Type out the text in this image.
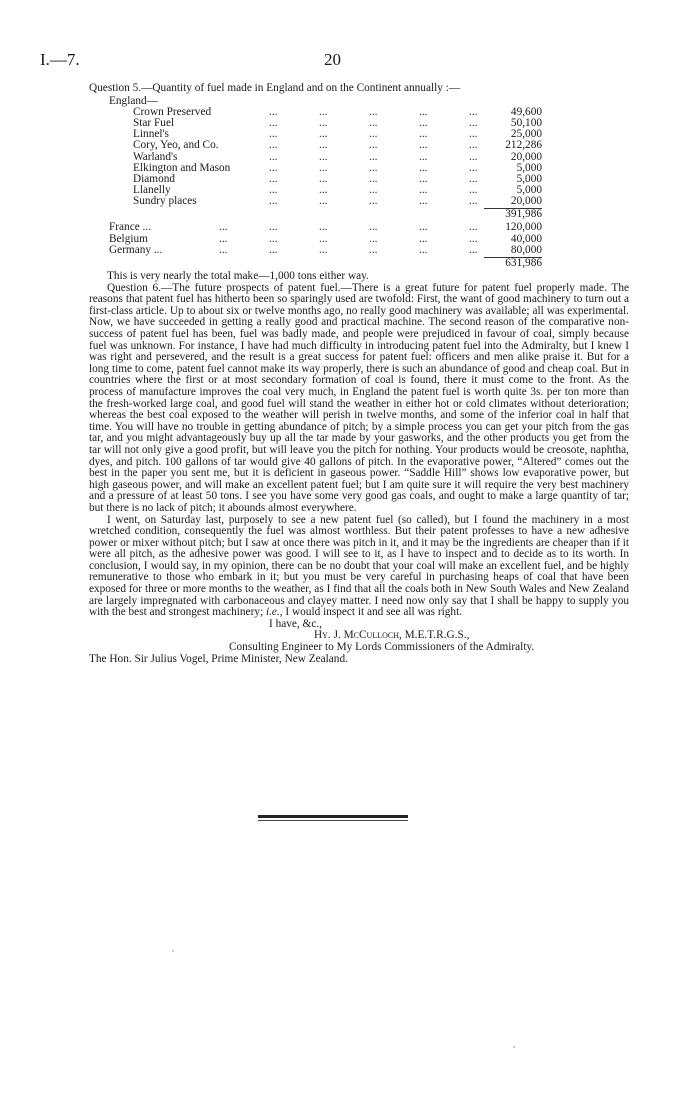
I.—7.	20

Question 5.—Quantity of fuel made in England and on the Continent annually :—

England—
Crown Preserved	...	...	...	...	...	49,600
Star Fuel	...	...	...	...	...	50,100
Linnel's	...	...	...	...	...	25,000
Cory, Yeo, and Co.	...	...	...	...	... 212,286
Warland's	...	...	...	...	...	20,000
Elkington and Mason	...	...	...	...	...	5,000
Diamond	...	...	...	...	...	5,000
Llanelly	...	...	...	...	...	5,000
Sundry places	...	...	...	...	...	20,000
391,986
France ...	...	...	...	...	...	... 120,000
Belgium	...	...	...	...	...	...	40,000
Germany ...	...	...	...	...	...	...	80,000
631,986

This is very nearly the total make—1,000 tons either way.

Question 6.—The future prospects of patent fuel.—There is a great future for patent fuel properly made. The reasons that patent fuel has hitherto been so sparingly used are twofold: First, the want of good machinery to turn out a first-class article. Up to about six or twelve months ago, no really good machinery was available; all was experimental. Now, we have succeeded in getting a really good and practical machine. The second reason of the comparative non-success of patent fuel has been, fuel was badly made, and people were prejudiced in favour of coal, simply because fuel was unknown. For instance, I have had much difficulty in introducing patent fuel into the Admiralty, but I knew I was right and persevered, and the result is a great success for patent fuel: officers and men alike praise it. But for a long time to come, patent fuel cannot make its way properly, there is such an abundance of good and cheap coal. But in countries where the first or at most secondary formation of coal is found, there it must come to the front. As the process of manufacture improves the coal very much, in England the patent fuel is worth quite 3s. per ton more than the fresh-worked large coal, and good fuel will stand the weather in either hot or cold climates without deterioration; whereas the best coal exposed to the weather will perish in twelve months, and some of the inferior coal in half that time. You will have no trouble in getting abundance of pitch; by a simple process you can get your pitch from the gas tar, and you might advantageously buy up all the tar made by your gasworks, and the other products you get from the tar will not only give a good profit, but will leave you the pitch for nothing. Your products would be creosote, naphtha, dyes, and pitch. 100 gallons of tar would give 40 gallons of pitch. In the evaporative power, “Altered” comes out the best in the paper you sent me, but it is deficient in gaseous power. “Saddle Hill” shows low evaporative power, but high gaseous power, and will make an excellent patent fuel; but I am quite sure it will require the very best machinery and a pressure of at least 50 tons. I see you have some very good gas coals, and ought to make a large quantity of tar; but there is no lack of pitch; it abounds almost everywhere.

I went, on Saturday last, purposely to see a new patent fuel (so called), but I found the machinery in a most wretched condition, consequently the fuel was almost worthless. But their patent professes to have a new adhesive power or mixer without pitch; but I saw at once there was pitch in it, and it may be the ingredients are cheaper than if it were all pitch, as the adhesive power was good. I will see to it, as I have to inspect and to decide as to its worth. In conclusion, I would say, in my opinion, there can be no doubt that your coal will make an excellent fuel, and be highly remunerative to those who embark in it; but you must be very careful in purchasing heaps of coal that have been exposed for three or more months to the weather, as I find that all the coals both in New South Wales and New Zealand are largely impregnated with carbonaceous and clayey matter. I need now only say that I shall be happy to supply you with the best and strongest machinery; i.e., I would inspect it and see all was right.

I have, &c.,

Hy. J. McCulloch, M.E.T.R.G.S.,

Consulting Engineer to My Lords Commissioners of the Admiralty.

The Hon. Sir Julius Vogel, Prime Minister, New Zealand.
